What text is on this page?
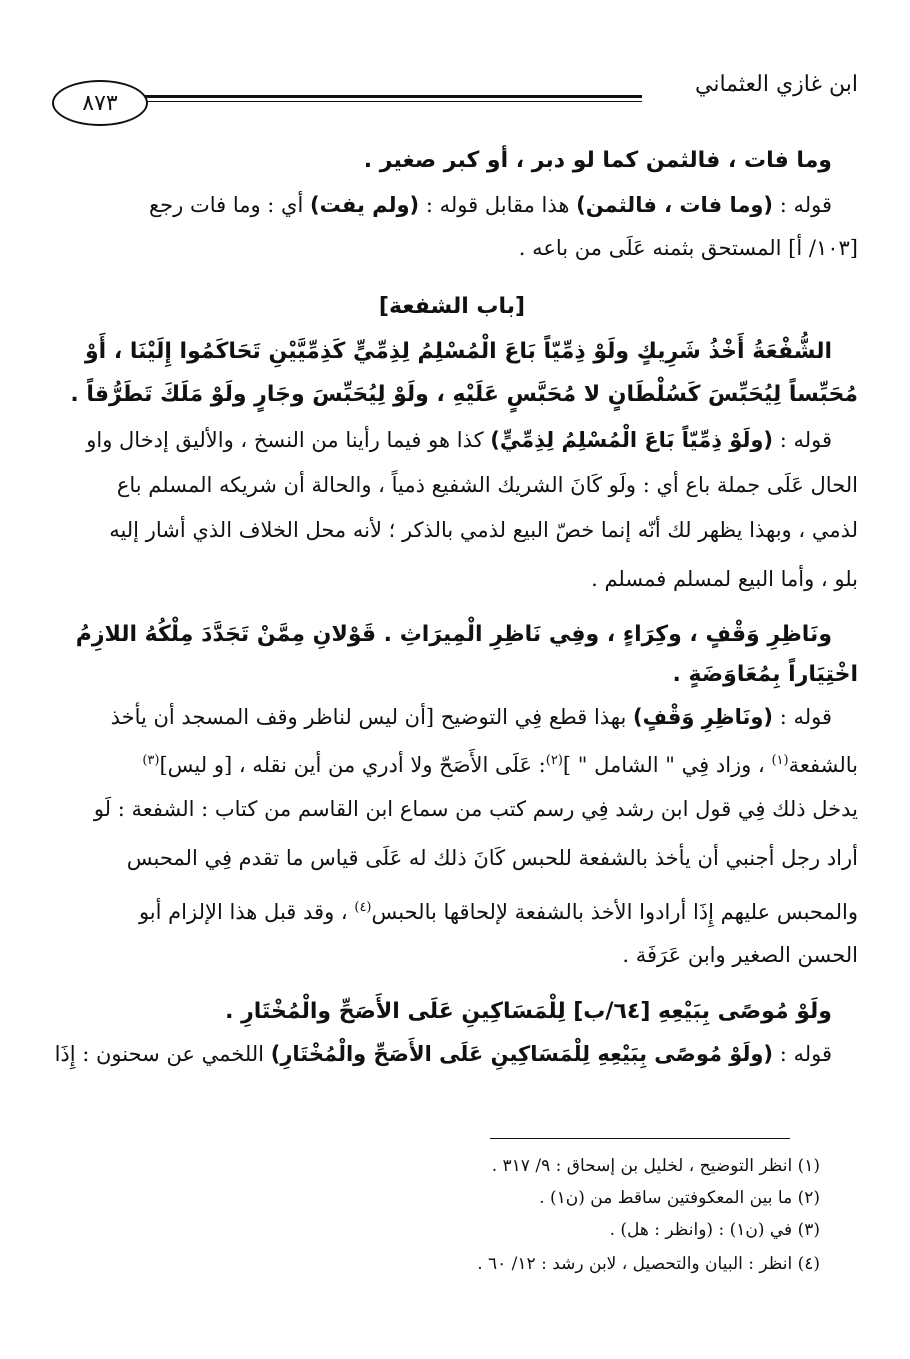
ابن غازي العثماني
٨٧٣
وما فات ، فالثمن كما لو دبر ، أو كبر صغير .
قوله : (وما فات ، فالثمن) هذا مقابل قوله : (ولم يفت) أي : وما فات رجع
[١٠٣/ أ] المستحق بثمنه عَلَى من باعه .
[باب الشفعة]
الشُّفْعَةُ أَخْذُ شَرِيكٍ ولَوْ ذِمِّيّاً بَاعَ الْمُسْلِمُ لِذِمِّيٍّ كَذِمِّيَّيْنِ تَحَاكَمُوا إِلَيْنَا ، أَوْ
مُحَبِّساً لِيُحَبِّسَ كَسُلْطَانٍ لا مُحَبَّسٍ عَلَيْهِ ، ولَوْ لِيُحَبِّسَ وجَارٍ ولَوْ مَلَكَ تَطَرُّقاً .
قوله : (ولَوْ ذِمِّيّاً بَاعَ الْمُسْلِمُ لِذِمِّيٍّ) كذا هو فيما رأينا من النسخ ، والأليق إدخال واو
الحال عَلَى جملة باع أي : ولَو كَانَ الشريك الشفيع ذمياً ، والحالة أن شريكه المسلم باع
لذمي ، وبهذا يظهر لك أنّه إنما خصّ البيع لذمي بالذكر ؛ لأنه محل الخلاف الذي أشار إليه
بلو ، وأما البيع لمسلم فمسلم .
ونَاظِرِ وَقْفٍ ، وكِرَاءٍ ، وفِي نَاظِرِ الْمِيرَاثِ . قَوْلانِ مِمَّنْ تَجَدَّدَ مِلْكُهُ اللازِمُ
اخْتِيَاراً بِمُعَاوَضَةٍ .
قوله : (ونَاظِرِ وَقْفٍ) بهذا قطع فِي التوضيح [أن ليس لناظر وقف المسجد أن يأخذ
بالشفعة$^{(١)}$ ، وزاد فِي " الشامل " ]$^{(٢)}$: عَلَى الأَصَحّ ولا أدري من أين نقله ، [و ليس]$^{(٣)}$
يدخل ذلك فِي قول ابن رشد فِي رسم كتب من سماع ابن القاسم من كتاب : الشفعة : لَو
أراد رجل أجنبي أن يأخذ بالشفعة للحبس كَانَ ذلك له عَلَى قياس ما تقدم فِي المحبس
والمحبس عليهم إِذَا أرادوا الأخذ بالشفعة لإلحاقها بالحبس$^{(٤)}$ ، وقد قبل هذا الإلزام أبو
الحسن الصغير وابن عَرَفَة .
ولَوْ مُوصًى بِبَيْعِهِ [٦٤/ب] لِلْمَسَاكِينِ عَلَى الأَصَحِّ والْمُخْتَارِ .
قوله : (ولَوْ مُوصًى بِبَيْعِهِ لِلْمَسَاكِينِ عَلَى الأَصَحِّ والْمُخْتَارِ) اللخمي عن سحنون : إِذَا
(١) انظر التوضيح ، لخليل بن إسحاق : ٩/ ٣١٧ .
(٢) ما بين المعكوفتين ساقط من (ن١) .
(٣) في (ن١) : (وانظر : هل) .
(٤) انظر : البيان والتحصيل ، لابن رشد : ١٢/ ٦٠ .
